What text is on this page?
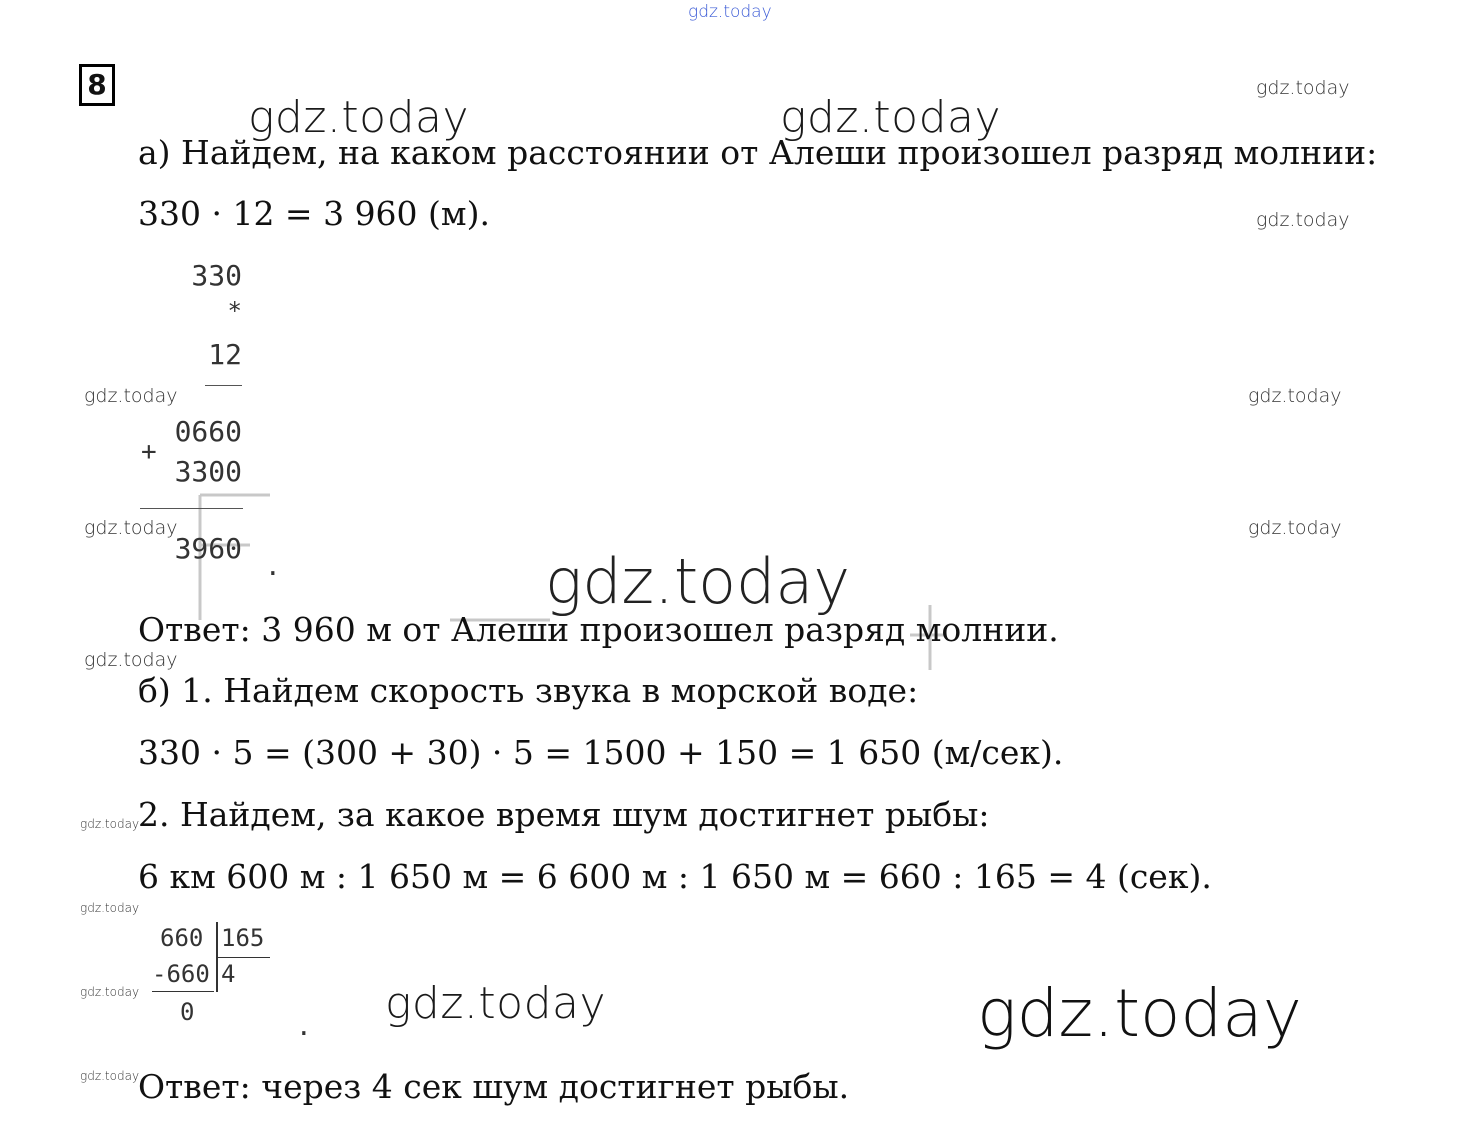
gdz.today
8
gdz.today	gdz.today
gdz.today
gdz.today	gdz.today
gdz.today
gdz.today
gdz.today	gdz.today
gdz.today	gdz.today
gdz.today
gdz.today
gdz.today
gdz.today
gdz.today
а) Найдем, на каком расстоянии от Алеши произошел разряд молнии:
330 · 12 = 3 960 (м).
330
*
12
0660
+
3300
3960
.
Ответ: 3 960 м от Алеши произошел разряд молнии.
б) 1. Найдем скорость звука в морской воде:
330 · 5 = (300 + 30) · 5 = 1500 + 150 = 1 650 (м/сек).
2. Найдем, за какое время шум достигнет рыбы:
6 км 600 м : 1 650 м = 6 600 м : 1 650 м = 660 : 165 = 4 (сек).
660 165
-660 4
0	.
Ответ: через 4 сек шум достигнет рыбы.
